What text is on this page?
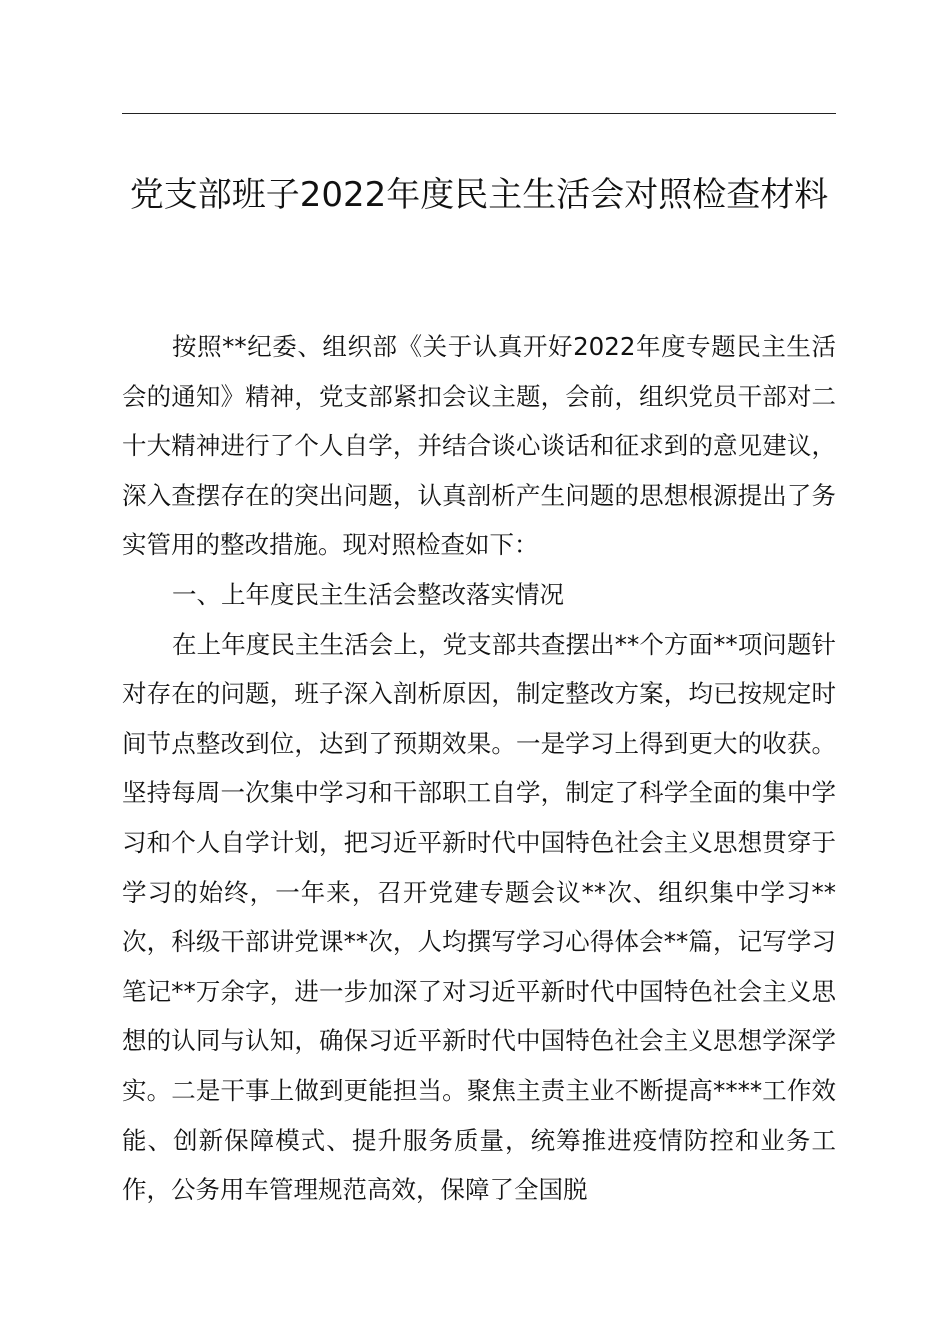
党支部班子2022年度民主生活会对照检查材料

按照**纪委、组织部《关于认真开好2022年度专题民主生活会的通知》精神，党支部紧扣会议主题，会前，组织党员干部对二十大精神进行了个人自学，并结合谈心谈话和征求到的意见建议，深入查摆存在的突出问题，认真剖析产生问题的思想根源提出了务实管用的整改措施。现对照检查如下：

一、上年度民主生活会整改落实情况

在上年度民主生活会上，党支部共查摆出**个方面**项问题针对存在的问题，班子深入剖析原因，制定整改方案，均已按规定时间节点整改到位，达到了预期效果。一是学习上得到更大的收获。坚持每周一次集中学习和干部职工自学，制定了科学全面的集中学习和个人自学计划，把习近平新时代中国特色社会主义思想贯穿于学习的始终，一年来，召开党建专题会议**次、组织集中学习**次，科级干部讲党课**次，人均撰写学习心得体会**篇，记写学习笔记**万余字，进一步加深了对习近平新时代中国特色社会主义思想的认同与认知，确保习近平新时代中国特色社会主义思想学深学实。二是干事上做到更能担当。聚焦主责主业不断提高****工作效能、创新保障模式、提升服务质量，统筹推进疫情防控和业务工作，公务用车管理规范高效，保障了全国脱
